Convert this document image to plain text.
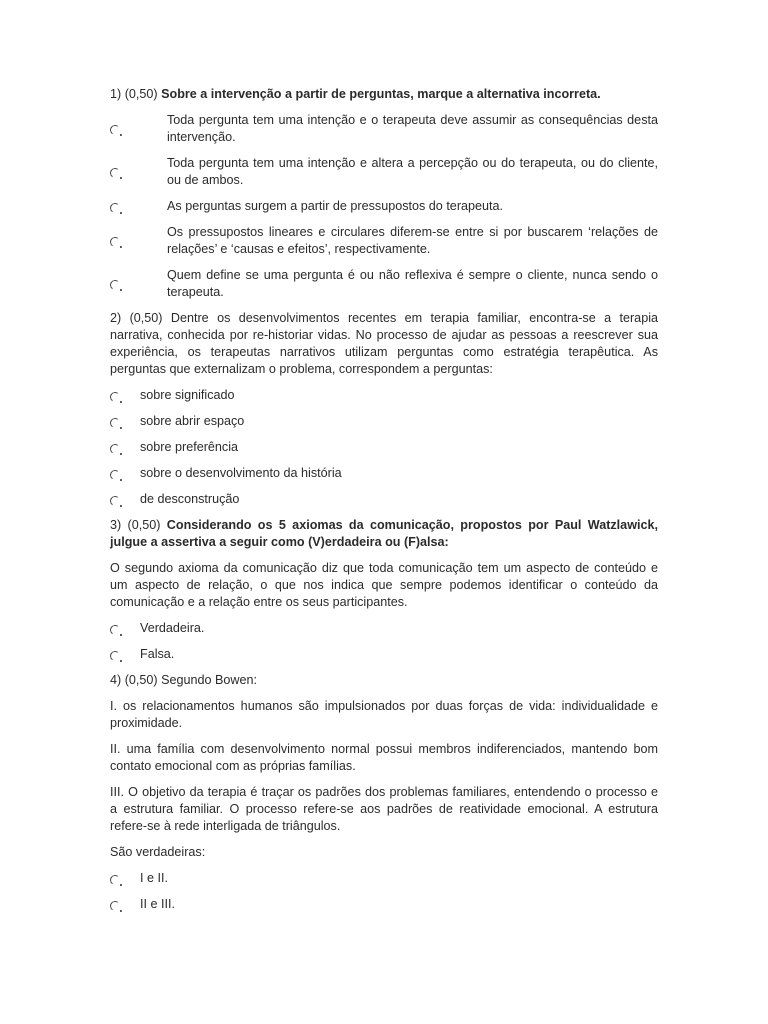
1) (0,50) Sobre a intervenção a partir de perguntas, marque a alternativa incorreta.

Toda pergunta tem uma intenção e o terapeuta deve assumir as consequências desta intervenção.
Toda pergunta tem uma intenção e altera a percepção ou do terapeuta, ou do cliente, ou de ambos.
As perguntas surgem a partir de pressupostos do terapeuta.
Os pressupostos lineares e circulares diferem-se entre si por buscarem ‘relações de relações’ e ‘causas e efeitos’, respectivamente.
Quem define se uma pergunta é ou não reflexiva é sempre o cliente, nunca sendo o terapeuta.

2) (0,50) Dentre os desenvolvimentos recentes em terapia familiar, encontra-se a terapia narrativa, conhecida por re-historiar vidas. No processo de ajudar as pessoas a reescrever sua experiência, os terapeutas narrativos utilizam perguntas como estratégia terapêutica. As perguntas que externalizam o problema, correspondem a perguntas:

sobre significado
sobre abrir espaço
sobre preferência
sobre o desenvolvimento da história
de desconstrução

3) (0,50) Considerando os 5 axiomas da comunicação, propostos por Paul Watzlawick, julgue a assertiva a seguir como (V)erdadeira ou (F)alsa:

O segundo axioma da comunicação diz que toda comunicação tem um aspecto de conteúdo e um aspecto de relação, o que nos indica que sempre podemos identificar o conteúdo da comunicação e a relação entre os seus participantes.

Verdadeira.
Falsa.

4) (0,50) Segundo Bowen:

I. os relacionamentos humanos são impulsionados por duas forças de vida: individualidade e proximidade.

II. uma família com desenvolvimento normal possui membros indiferenciados, mantendo bom contato emocional com as próprias famílias.

III. O objetivo da terapia é traçar os padrões dos problemas familiares, entendendo o processo e a estrutura familiar. O processo refere-se aos padrões de reatividade emocional. A estrutura refere-se à rede interligada de triângulos.

São verdadeiras:

I e II.
II e III.
